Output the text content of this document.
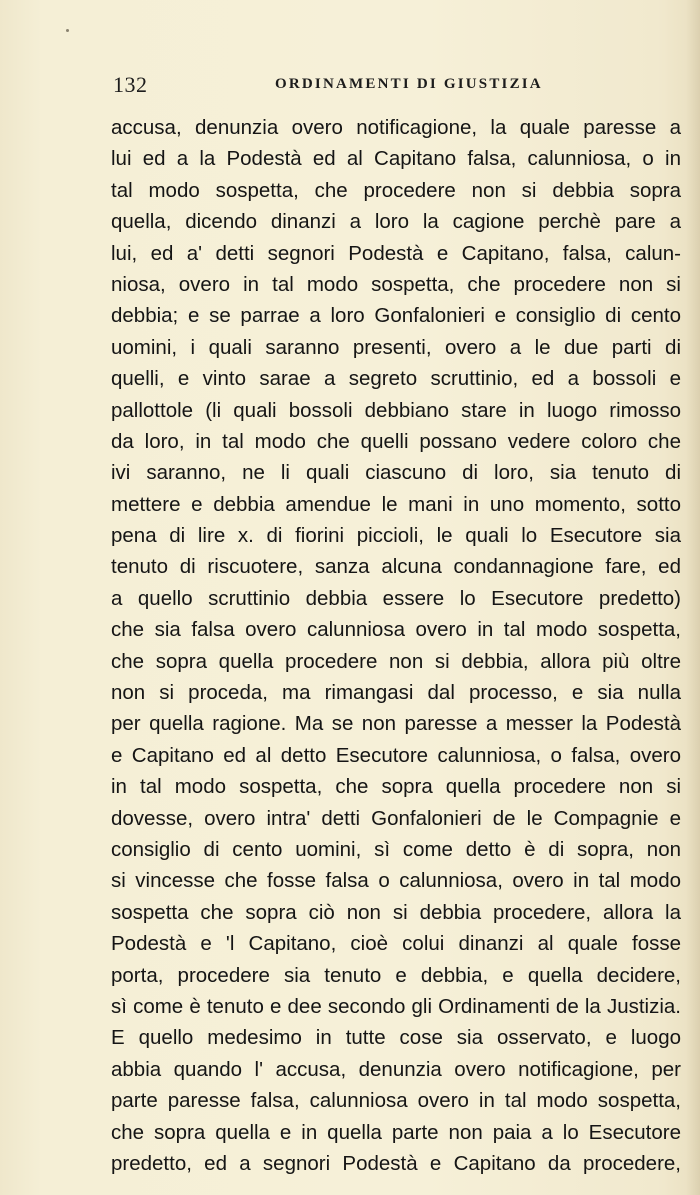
132	ORDINAMENTI DI GIUSTIZIA
accusa, denunzia overo notificagione, la quale paresse a
lui ed a la Podestà ed al Capitano falsa, calunniosa, o in
tal modo sospetta, che procedere non si debbia sopra
quella, dicendo dinanzi a loro la cagione perchè pare a
lui, ed a' detti segnori Podestà e Capitano, falsa, calun-
niosa, overo in tal modo sospetta, che procedere non si
debbia; e se parrae a loro Gonfalonieri e consiglio di cento
uomini, i quali saranno presenti, overo a le due parti di
quelli, e vinto sarae a segreto scruttinio, ed a bossoli e
pallottole (li quali bossoli debbiano stare in luogo rimosso
da loro, in tal modo che quelli possano vedere coloro che
ivi saranno, ne li quali ciascuno di loro, sia tenuto di
mettere e debbia amendue le mani in uno momento, sotto
pena di lire x. di fiorini piccioli, le quali lo Esecutore sia
tenuto di riscuotere, sanza alcuna condannagione fare, ed
a quello scruttinio debbia essere lo Esecutore predetto)
che sia falsa overo calunniosa overo in tal modo sospetta,
che sopra quella procedere non si debbia, allora più oltre
non si proceda, ma rimangasi dal processo, e sia nulla
per quella ragione. Ma se non paresse a messer la Podestà
e Capitano ed al detto Esecutore calunniosa, o falsa, overo
in tal modo sospetta, che sopra quella procedere non si
dovesse, overo intra' detti Gonfalonieri de le Compagnie e
consiglio di cento uomini, sì come detto è di sopra, non
si vincesse che fosse falsa o calunniosa, overo in tal modo
sospetta che sopra ciò non si debbia procedere, allora la
Podestà e 'l Capitano, cioè colui dinanzi al quale fosse
porta, procedere sia tenuto e debbia, e quella decidere,
sì come è tenuto e dee secondo gli Ordinamenti de la Justizia.
E quello medesimo in tutte cose sia osservato, e luogo
abbia quando l' accusa, denunzia overo notificagione, per
parte paresse falsa, calunniosa overo in tal modo sospetta,
che sopra quella e in quella parte non paia a lo Esecutore
predetto, ed a segnori Podestà e Capitano da procedere,
